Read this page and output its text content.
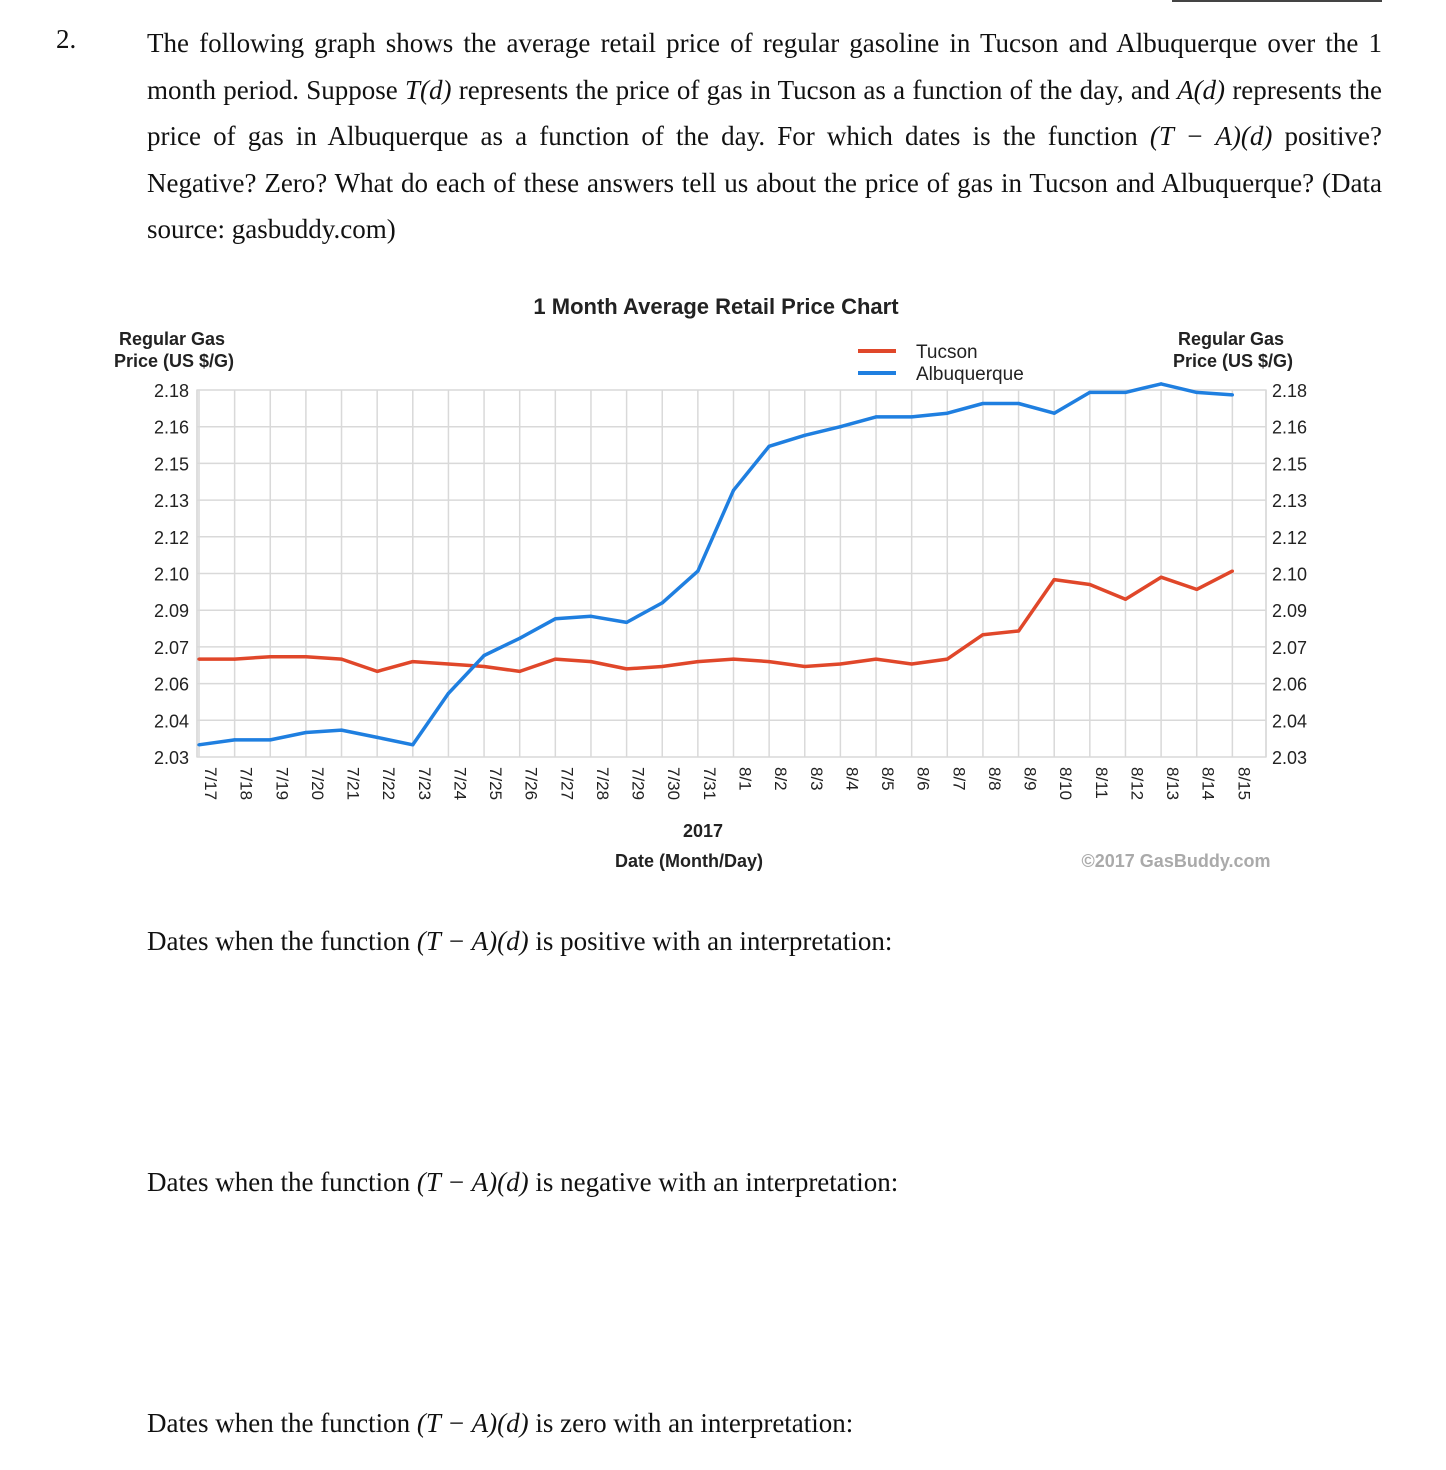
2.	The following graph shows the average retail price of regular gasoline in Tucson and Albuquerque over the 1 month period. Suppose T(d) represents the price of gas in Tucson as a function of the day, and A(d) represents the price of gas in Albuquerque as a function of the day. For which dates is the function (T − A)(d) positive? Negative? Zero? What do each of these answers tell us about the price of gas in Tucson and Albuquerque? (Data source: gasbuddy.com)
1 Month Average Retail Price Chart
Regular Gas
Price (US $/G)
Regular Gas
Price (US $/G)
2.18
2.16
2.15
2.13
2.12
2.10
2.09
2.07
2.06
2.04
2.03
2.18
2.16
2.15
2.13
2.12
2.10
2.09
2.07
2.06
2.04
2.03
7/17 7/18 7/19 7/20 7/21 7/22 7/23 7/24 7/25 7/26 7/27 7/28 7/29 7/30 7/31 8/1 8/2 8/3 8/4 8/5 8/6 8/7 8/8 8/9 8/10 8/11 8/12 8/13 8/14 8/15
Tucson
Albuquerque
2017
Date (Month/Day)	©2017 GasBuddy.com
Dates when the function (T − A)(d) is positive with an interpretation:
Dates when the function (T − A)(d) is negative with an interpretation:
Dates when the function (T − A)(d) is zero with an interpretation:
